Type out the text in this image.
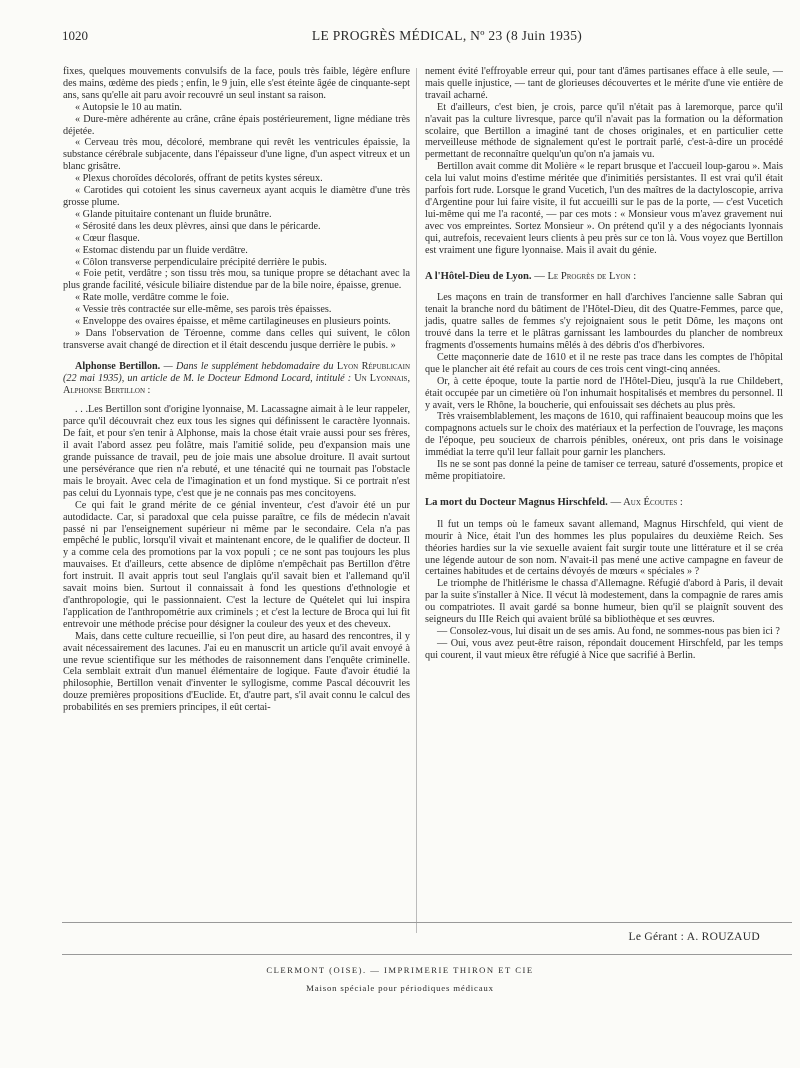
1020	LE PROGRÈS MÉDICAL, Nº 23 (8 Juin 1935)

fixes, quelques mouvements convulsifs de la face, pouls très faible, légère enflure des mains, œdème des pieds ; enfin, le 9 juin, elle s'est éteinte âgée de cinquante-sept ans, sans qu'elle ait paru avoir recouvré un seul instant sa raison.

« Autopsie le 10 au matin.

« Dure-mère adhérente au crâne, crâne épais postérieurement, ligne médiane très déjetée.

« Cerveau très mou, décoloré, membrane qui revêt les ventricules épaissie, la substance cérébrale subjacente, dans l'épaisseur d'une ligne, d'un aspect vitreux et un blanc grisâtre.

« Plexus choroïdes décolorés, offrant de petits kystes séreux.

« Carotides qui cotoient les sinus caverneux ayant acquis le diamètre d'une très grosse plume.

« Glande pituitaire contenant un fluide brunâtre.

« Sérosité dans les deux plèvres, ainsi que dans le péricarde.

« Cœur flasque.

« Estomac distendu par un fluide verdâtre.

« Côlon transverse perpendiculaire précipité derrière le pubis.

« Foie petit, verdâtre ; son tissu très mou, sa tunique propre se détachant avec la plus grande facilité, vésicule biliaire distendue par de la bile noire, épaisse, grenue.

« Rate molle, verdâtre comme le foie.

« Vessie très contractée sur elle-même, ses parois très épaisses.

« Enveloppe des ovaires épaisse, et même cartilagineuses en plusieurs points.

» Dans l'observation de Téroenne, comme dans celles qui suivent, le côlon transverse avait changé de direction et il était descendu jusque derrière le pubis. »

Alphonse Bertillon. — Dans le supplément hebdomadaire du Lyon Républicain (22 mai 1935), un article de M. le Docteur Edmond Locard, intitulé : Un Lyonnais, Alphonse Bertillon :

. . .Les Bertillon sont d'origine lyonnaise, M. Lacassagne aimait à le leur rappeler, parce qu'il découvrait chez eux tous les signes qui définissent le caractère lyonnais. De fait, et pour s'en tenir à Alphonse, mais la chose était vraie aussi pour ses frères, il avait l'abord assez peu folâtre, mais l'amitié solide, peu d'expansion mais une grande puissance de travail, peu de joie mais une absolue droiture. Il avait surtout une persévérance que rien n'a rebuté, et une ténacité qui ne tournait pas l'obstacle mais le broyait. Avec cela de l'imagination et un fond mystique. Si ce portrait n'est pas celui du Lyonnais type, c'est que je ne connais pas mes concitoyens.

Ce qui fait le grand mérite de ce génial inventeur, c'est d'avoir été un pur autodidacte. Car, si paradoxal que cela puisse paraître, ce fils de médecin n'avait passé ni par l'enseignement supérieur ni même par le secondaire. Cela n'a pas empêché le public, lorsqu'il vivait et maintenant encore, de le qualifier de docteur. Il y a comme cela des promotions par la vox populi ; ce ne sont pas toujours les plus mauvaises. Et d'ailleurs, cette absence de diplôme n'empêchait pas Bertillon d'être fort instruit. Il avait appris tout seul l'anglais qu'il savait bien et l'allemand qu'il savait moins bien. Surtout il connaissait à fond les questions d'ethnologie et d'anthropologie, qui le passionnaient. C'est la lecture de Quételet qui lui inspira l'application de l'anthropométrie aux criminels ; et c'est la lecture de Broca qui lui fit entrevoir une méthode précise pour désigner la couleur des yeux et des cheveux.

Mais, dans cette culture recueillie, si l'on peut dire, au hasard des rencontres, il y avait nécessairement des lacunes. J'ai eu en manuscrit un article qu'il avait envoyé à une revue scientifique sur les méthodes de raisonnement dans l'enquête criminelle. Cela semblait extrait d'un manuel élémentaire de logique. Faute d'avoir étudié la philosophie, Bertillon venait d'inventer le syllogisme, comme Pascal découvrit les douze premières propositions d'Euclide. Et, d'autre part, s'il avait connu le calcul des probabilités en ses premiers principes, il eût certai-

nement évité l'effroyable erreur qui, pour tant d'âmes partisanes efface à elle seule, — mais quelle injustice, — tant de glorieuses découvertes et le mérite d'une vie entière de travail acharné.

Et d'ailleurs, c'est bien, je crois, parce qu'il n'était pas à laremorque, parce qu'il n'avait pas la culture livresque, parce qu'il n'avait pas la formation ou la déformation scolaire, que Bertillon a imaginé tant de choses originales, et en particulier cette merveilleuse méthode de signalement qu'est le portrait parlé, c'est-à-dire un procédé permettant de reconnaître quelqu'un qu'on n'a jamais vu.

Bertillon avait comme dit Molière « le repart brusque et l'accueil loup-garou ». Mais cela lui valut moins d'estime méritée que d'inimitiés persistantes. Il est vrai qu'il était parfois fort rude. Lorsque le grand Vucetich, l'un des maîtres de la dactyloscopie, arriva d'Argentine pour lui faire visite, il fut accueilli sur le pas de la porte, — c'est Vucetich lui-même qui me l'a raconté, — par ces mots : « Monsieur vous m'avez gravement nui avec vos empreintes. Sortez Monsieur ». On prétend qu'il y a des négociants lyonnais qui, autrefois, recevaient leurs clients à peu près sur ce ton là. Vous voyez que Bertillon est vraiment une figure lyonnaise. Mais il avait du génie.

A l'Hôtel-Dieu de Lyon. — Le Progrès de Lyon :

Les maçons en train de transformer en hall d'archives l'ancienne salle Sabran qui tenait la branche nord du bâtiment de l'Hôtel-Dieu, dit des Quatre-Femmes, parce que, jadis, quatre salles de femmes s'y rejoignaient sous le petit Dôme, les maçons ont trouvé dans la terre et le plâtras garnissant les lambourdes du plancher de nombreux fragments d'ossements humains mêlés à des débris d'os d'herbivores.

Cette maçonnerie date de 1610 et il ne reste pas trace dans les comptes de l'hôpital que le plancher ait été refait au cours de ces trois cent vingt-cinq années.

Or, à cette époque, toute la partie nord de l'Hôtel-Dieu, jusqu'à la rue Childebert, était occupée par un cimetière où l'on inhumait hospitalisés et membres du personnel. Il y avait, vers le Rhône, la boucherie, qui enfouissait ses déchets au plus près.

Très vraisemblablement, les maçons de 1610, qui raffinaient beaucoup moins que les compagnons actuels sur le choix des matériaux et la perfection de l'ouvrage, les maçons de l'époque, peu soucieux de charrois pénibles, onéreux, ont pris dans le voisinage immédiat la terre qu'il leur fallait pour garnir les planchers.

Ils ne se sont pas donné la peine de tamiser ce terreau, saturé d'ossements, propice et même propitiatoire.

La mort du Docteur Magnus Hirschfeld. — Aux Écoutes :

Il fut un temps où le fameux savant allemand, Magnus Hirschfeld, qui vient de mourir à Nice, était l'un des hommes les plus populaires du deuxième Reich. Ses théories hardies sur la vie sexuelle avaient fait surgir toute une littérature et il se créa une légende autour de son nom. N'avait-il pas mené une active campagne en faveur de certaines habitudes et de certains dévoyés de mœurs « spéciales » ?

Le triomphe de l'hitlérisme le chassa d'Allemagne. Réfugié d'abord à Paris, il devait par la suite s'installer à Nice. Il vécut là modestement, dans la compagnie de rares amis ou compatriotes. Il avait gardé sa bonne humeur, bien qu'il se plaignît souvent des seigneurs du IIIe Reich qui avaient brûlé sa bibliothèque et ses œuvres.

— Consolez-vous, lui disait un de ses amis. Au fond, ne sommes-nous pas bien ici ?

— Oui, vous avez peut-être raison, répondait doucement Hirschfeld, par les temps qui courent, il vaut mieux être réfugié à Nice que sacrifié à Berlin.

Le Gérant : A. ROUZAUD
CLERMONT (OISE). — IMPRIMERIE THIRON ET CIE
Maison spéciale pour périodiques médicaux
